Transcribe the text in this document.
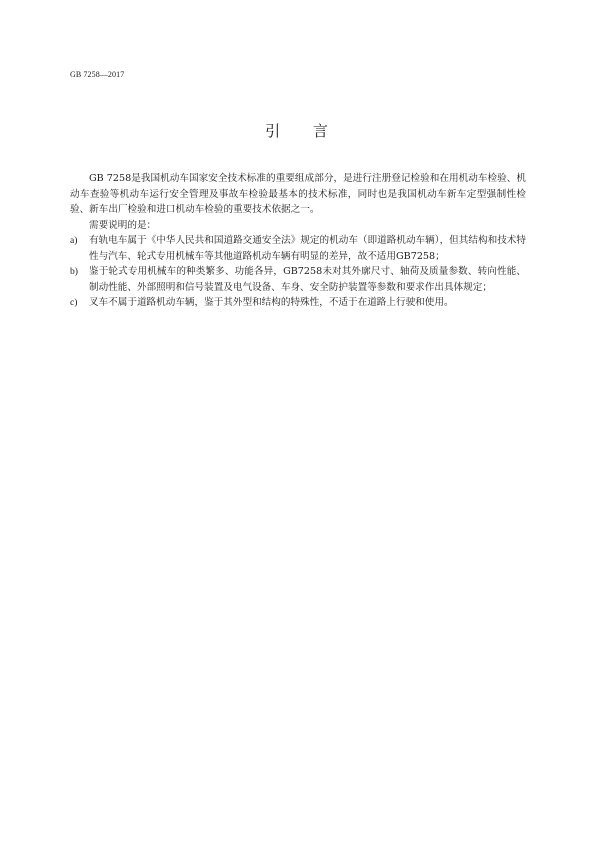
GB 7258—2017
引 言

GB 7258是我国机动车国家安全技术标准的重要组成部分，是进行注册登记检验和在用机动车检验、机动车查验等机动车运行安全管理及事故车检验最基本的技术标准，同时也是我国机动车新车定型强制性检验、新车出厂检验和进口机动车检验的重要技术依据之一。

需要说明的是：

a) 有轨电车属于《中华人民共和国道路交通安全法》规定的机动车（即道路机动车辆），但其结构和技术特性与汽车、轮式专用机械车等其他道路机动车辆有明显的差异，故不适用GB7258；
b) 鉴于轮式专用机械车的种类繁多、功能各异，GB7258未对其外廓尺寸、轴荷及质量参数、转向性能、制动性能、外部照明和信号装置及电气设备、车身、安全防护装置等参数和要求作出具体规定；
c) 叉车不属于道路机动车辆，鉴于其外型和结构的特殊性，不适于在道路上行驶和使用。
